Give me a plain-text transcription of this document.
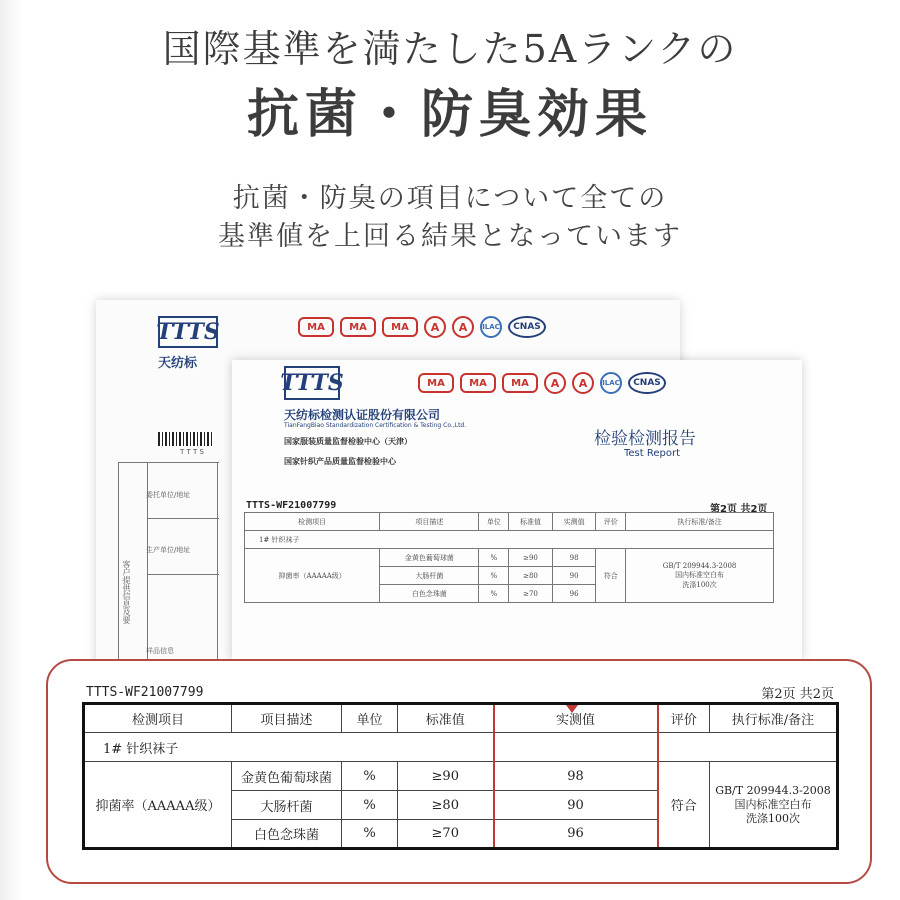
国際基準を満たした5Aランクの
抗菌・防臭効果
抗菌・防臭の項目について全ての
基準値を上回る結果となっています
TTTS
天纺标
MA	MA	MA	A	A	ILAC	CNAS
T T T S
委托单位/地址
生产单位/地址
样品信息
客户提供信息及要
TTTS
天纺标检测认证股份有限公司
TianFangBiao Standardization Certification & Testing Co.,Ltd.
国家服装质量监督检验中心（天津）
国家针织产品质量监督检验中心
MA	MA	MA	A	A	ILAC	CNAS
检验检测报告
Test Report
TTTS-WF21007799	第2页 共2页
检测项目	项目描述	单位	标准值	实测值	评价	执行标准/备注
1# 针织袜子						
抑菌率（AAAAA级）	金黄色葡萄球菌	%	≥90	98	符合	GB/T 209944.3-2008
国内标准空白布
洗涤100次
	大肠杆菌	%	≥80	90		
	白色念珠菌	%	≥70	96		
TTTS-WF21007799	第2页 共2页
检测项目	项目描述	单位	标准值	实测值	评价	执行标准/备注
1# 针织袜子						
抑菌率（AAAAA级）	金黄色葡萄球菌	%	≥90	98	符合	GB/T 209944.3-2008
国内标准空白布
洗涤100次
	大肠杆菌	%	≥80	90		
	白色念珠菌	%	≥70	96		
